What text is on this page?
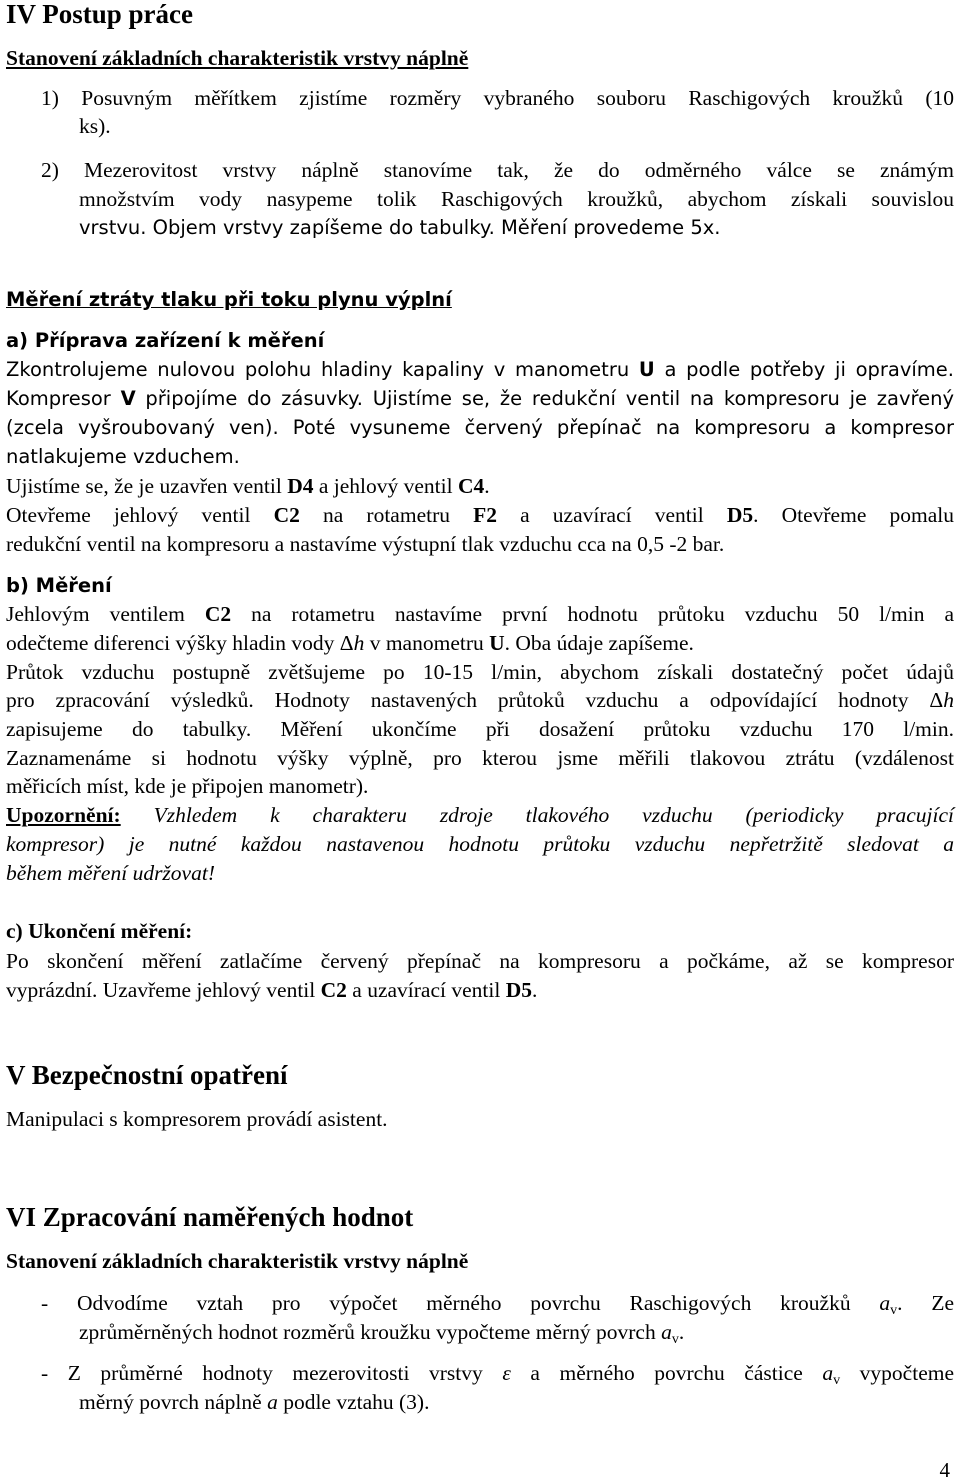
IV Postup práce
Stanovení základních charakteristik vrstvy náplně
1) Posuvným měřítkem zjistíme rozměry vybraného souboru Raschigových kroužků (10
ks).
2) Mezerovitost vrstvy náplně stanovíme tak, že do odměrného válce se známým
množstvím vody nasypeme tolik Raschigových kroužků, abychom získali souvislou
vrstvu. Objem vrstvy zapíšeme do tabulky. Měření provedeme 5x.
Měření ztráty tlaku při toku plynu výplní
a) Příprava zařízení k měření
Zkontrolujeme nulovou polohu hladiny kapaliny v manometru U a podle potřeby ji opravíme.
Kompresor V připojíme do zásuvky. Ujistíme se, že redukční ventil na kompresoru je zavřený
(zcela vyšroubovaný ven). Poté vysuneme červený přepínač na kompresoru a kompresor
natlakujeme vzduchem.
Ujistíme se, že je uzavřen ventil D4 a jehlový ventil C4.
Otevřeme jehlový ventil C2 na rotametru F2 a uzavírací ventil D5. Otevřeme pomalu
redukční ventil na kompresoru a nastavíme výstupní tlak vzduchu cca na 0,5 -2 bar.
b) Měření
Jehlovým ventilem C2 na rotametru nastavíme první hodnotu průtoku vzduchu 50 l/min a
odečteme diferenci výšky hladin vody Δh v manometru U. Oba údaje zapíšeme.
Průtok vzduchu postupně zvětšujeme po 10-15 l/min, abychom získali dostatečný počet údajů
pro zpracování výsledků. Hodnoty nastavených průtoků vzduchu a odpovídající hodnoty Δh
zapisujeme do tabulky. Měření ukončíme při dosažení průtoku vzduchu 170 l/min.
Zaznamenáme si hodnotu výšky výplně, pro kterou jsme měřili tlakovou ztrátu (vzdálenost
měřicích míst, kde je připojen manometr).
Upozornění: Vzhledem k charakteru zdroje tlakového vzduchu (periodicky pracující
kompresor) je nutné každou nastavenou hodnotu průtoku vzduchu nepřetržitě sledovat a
během měření udržovat!
c) Ukončení měření:
Po skončení měření zatlačíme červený přepínač na kompresoru a počkáme, až se kompresor
vyprázdní. Uzavřeme jehlový ventil C2 a uzavírací ventil D5.
V Bezpečnostní opatření
Manipulaci s kompresorem provádí asistent.
VI Zpracování naměřených hodnot
Stanovení základních charakteristik vrstvy náplně
- Odvodíme vztah pro výpočet měrného povrchu Raschigových kroužků $a_v$. Ze
zprůměrněných hodnot rozměrů kroužku vypočteme měrný povrch $a_v$.
- Z průměrné hodnoty mezerovitosti vrstvy ε a měrného povrchu částice $a_v$ vypočteme
měrný povrch náplně a podle vztahu (3).
4
